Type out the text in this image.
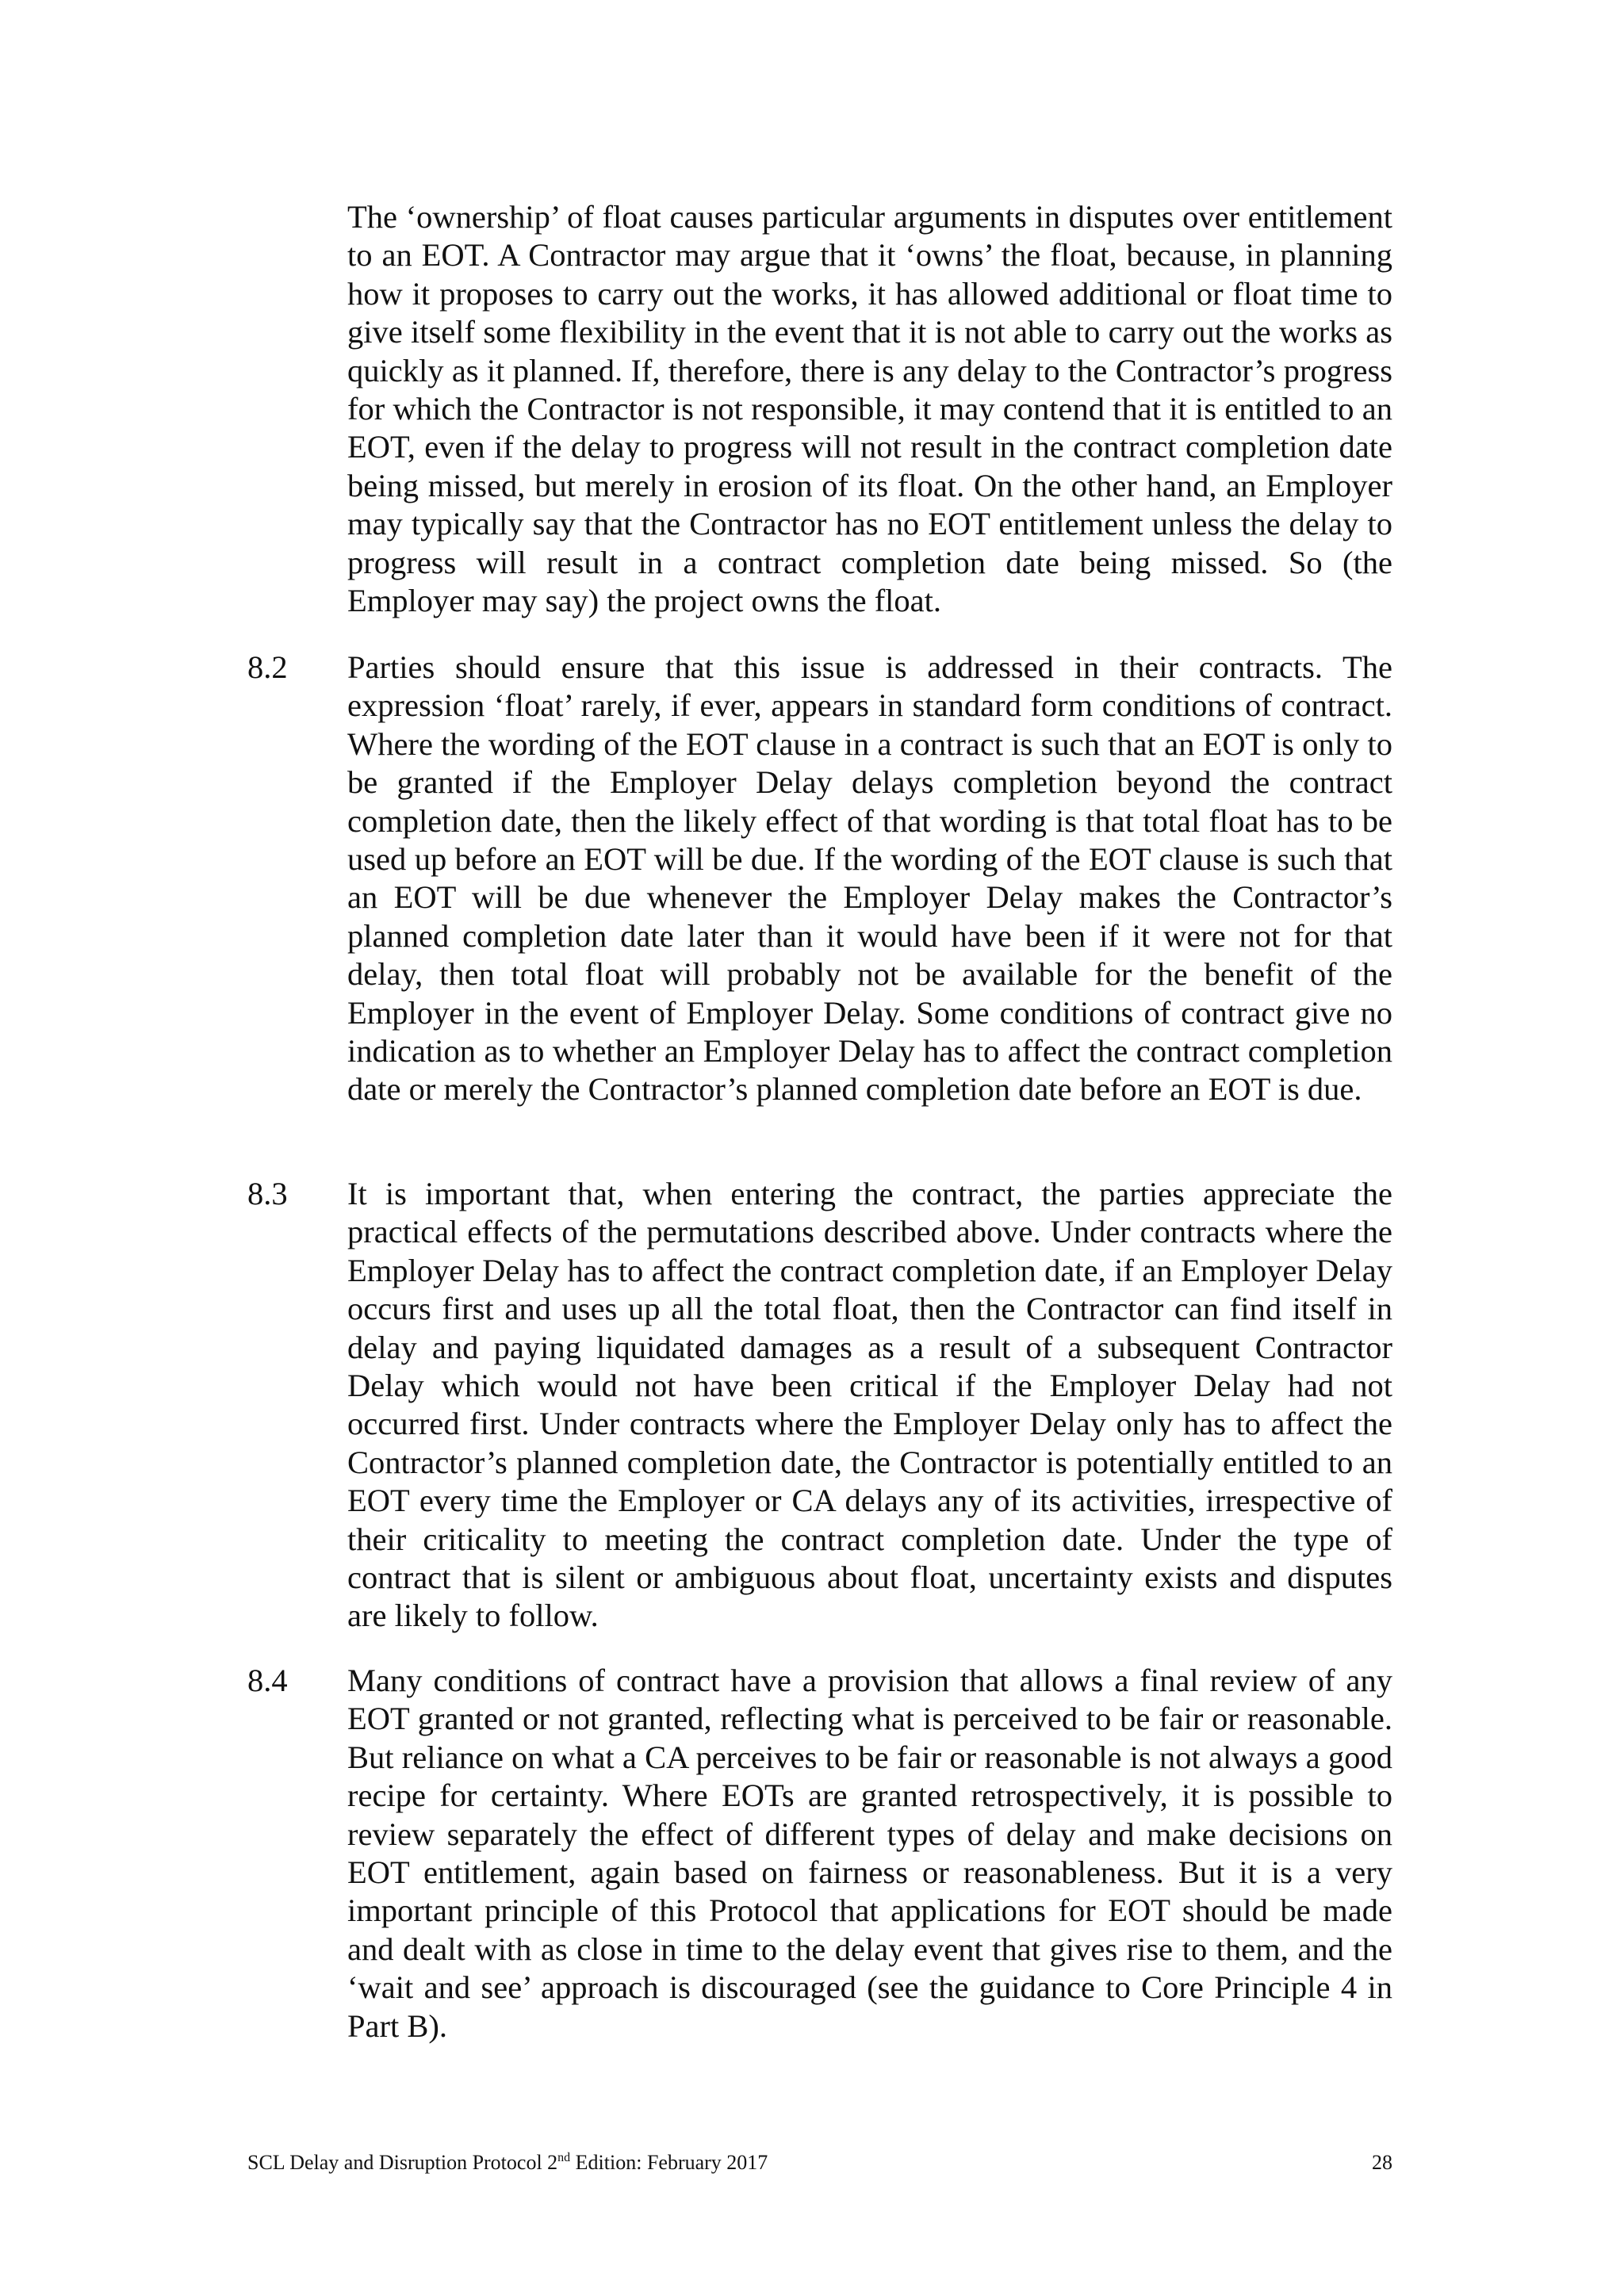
The ‘ownership’ of float causes particular arguments in disputes over entitlement to an EOT. A Contractor may argue that it ‘owns’ the float, because, in planning how it proposes to carry out the works, it has allowed additional or float time to give itself some flexibility in the event that it is not able to carry out the works as quickly as it planned. If, therefore, there is any delay to the Contractor’s progress for which the Contractor is not responsible, it may contend that it is entitled to an EOT, even if the delay to progress will not result in the contract completion date being missed, but merely in erosion of its float. On the other hand, an Employer may typically say that the Contractor has no EOT entitlement unless the delay to progress will result in a contract completion date being missed. So (the Employer may say) the project owns the float.

8.2 Parties should ensure that this issue is addressed in their contracts. The expression ‘float’ rarely, if ever, appears in standard form conditions of contract. Where the wording of the EOT clause in a contract is such that an EOT is only to be granted if the Employer Delay delays completion beyond the contract completion date, then the likely effect of that wording is that total float has to be used up before an EOT will be due. If the wording of the EOT clause is such that an EOT will be due whenever the Employer Delay makes the Contractor’s planned completion date later than it would have been if it were not for that delay, then total float will probably not be available for the benefit of the Employer in the event of Employer Delay. Some conditions of contract give no indication as to whether an Employer Delay has to affect the contract completion date or merely the Contractor’s planned completion date before an EOT is due.

8.3 It is important that, when entering the contract, the parties appreciate the practical effects of the permutations described above. Under contracts where the Employer Delay has to affect the contract completion date, if an Employer Delay occurs first and uses up all the total float, then the Contractor can find itself in delay and paying liquidated damages as a result of a subsequent Contractor Delay which would not have been critical if the Employer Delay had not occurred first. Under contracts where the Employer Delay only has to affect the Contractor’s planned completion date, the Contractor is potentially entitled to an EOT every time the Employer or CA delays any of its activities, irrespective of their criticality to meeting the contract completion date. Under the type of contract that is silent or ambiguous about float, uncertainty exists and disputes are likely to follow.

8.4 Many conditions of contract have a provision that allows a final review of any EOT granted or not granted, reflecting what is perceived to be fair or reasonable. But reliance on what a CA perceives to be fair or reasonable is not always a good recipe for certainty. Where EOTs are granted retrospectively, it is possible to review separately the effect of different types of delay and make decisions on EOT entitlement, again based on fairness or reasonableness. But it is a very important principle of this Protocol that applications for EOT should be made and dealt with as close in time to the delay event that gives rise to them, and the ‘wait and see’ approach is discouraged (see the guidance to Core Principle 4 in Part B).

SCL Delay and Disruption Protocol 2nd Edition: February 2017	28
